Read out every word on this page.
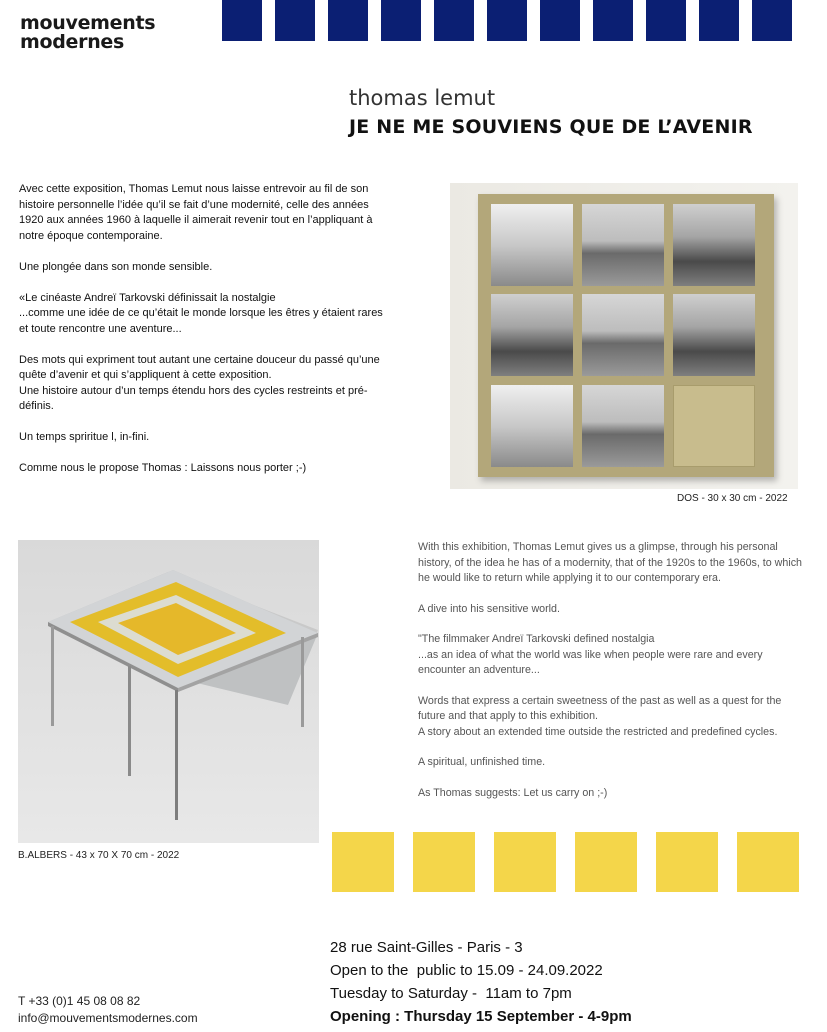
mouvements
modernes
thomas lemut
JE NE ME SOUVIENS QUE DE L’AVENIR

Avec cette exposition, Thomas Lemut nous laisse entrevoir au fil de son histoire personnelle l’idée qu’il se fait d’une modernité, celle des années 1920 aux années 1960 à laquelle il aimerait revenir tout en l’appliquant à notre époque contemporaine.

Une plongée dans son monde sensible.

«Le cinéaste Andreï Tarkovski définissait la nostalgie
...comme une idée de ce qu’était le monde lorsque les êtres y étaient rares et toute rencontre une aventure...

Des mots qui expriment tout autant une certaine douceur du passé qu’une quête d’avenir et qui s’appliquent à cette exposition.
Une histoire autour d’un temps étendu hors des cycles restreints et pré-définis.

Un temps spriritue l, in-fini.

Comme nous le propose Thomas : Laissons nous porter ;-)

DOS - 30 x 30 cm - 2022
B.ALBERS - 43 x 70 X 70 cm - 2022

With this exhibition, Thomas Lemut gives us a glimpse, through his personal history, of the idea he has of a modernity, that of the 1920s to the 1960s, to which he would like to return while applying it to our contemporary era.

A dive into his sensitive world.

"The filmmaker Andreï Tarkovski defined nostalgia
...as an idea of what the world was like when people were rare and every encounter an adventure...

Words that express a certain sweetness of the past as well as a quest for the future and that apply to this exhibition.
A story about an extended time outside the restricted and predefined cycles.

A spiritual, unfinished time.

As Thomas suggests: Let us carry on ;-)

T +33 (0)1 45 08 08 82
info@mouvementsmodernes.com
28 rue Saint-Gilles - Paris - 3
Open to the  public to 15.09 - 24.09.2022
Tuesday to Saturday -  11am to 7pm
Opening : Thursday 15 September - 4-9pm
